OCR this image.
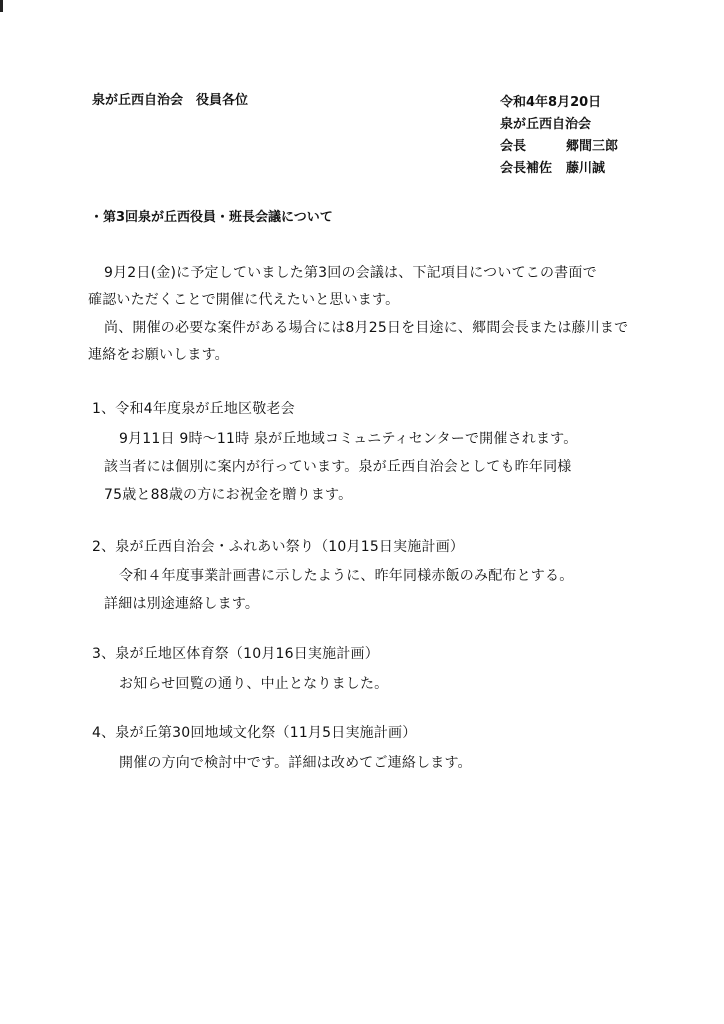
泉が丘西自治会　役員各位	令和4年8月20日
泉が丘西自治会
会長	郷間三郎
会長補佐 藤川誠
・第3回泉が丘西役員・班長会議について
9月2日(金)に予定していました第3回の会議は、下記項目についてこの書面で
確認いただくことで開催に代えたいと思います。
尚、開催の必要な案件がある場合には8月25日を目途に、郷間会長または藤川まで
連絡をお願いします。
1、令和4年度泉が丘地区敬老会
9月11日 9時～11時 泉が丘地域コミュニティセンターで開催されます。
該当者には個別に案内が行っています。泉が丘西自治会としても昨年同様
75歳と88歳の方にお祝金を贈ります。
2、泉が丘西自治会・ふれあい祭り（10月15日実施計画）
令和４年度事業計画書に示したように、昨年同様赤飯のみ配布とする。
詳細は別途連絡します。
3、泉が丘地区体育祭（10月16日実施計画）
お知らせ回覧の通り、中止となりました。
4、泉が丘第30回地域文化祭（11月5日実施計画）
開催の方向で検討中です。詳細は改めてご連絡します。
